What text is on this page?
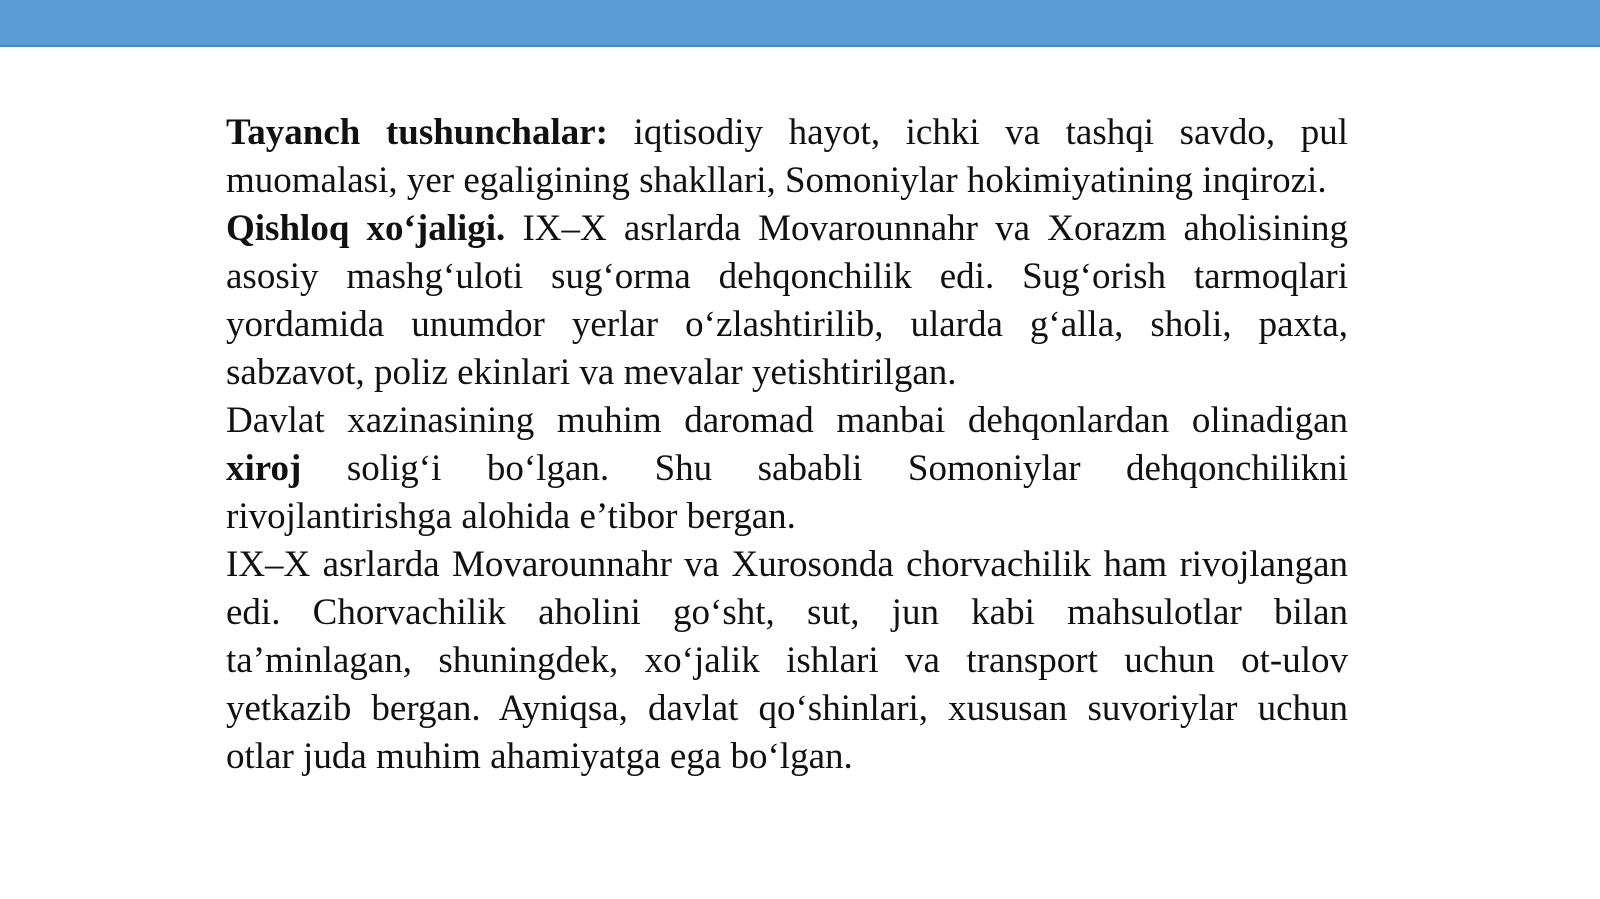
Tayanch tushunchalar: iqtisodiy hayot, ichki va tashqi savdo, pul muomalasi, yer egaligining shakllari, Somoniylar hokimiyatining inqirozi.

Qishloq xo‘jaligi. IX–X asrlarda Movarounnahr va Xorazm aholisining asosiy mashg‘uloti sug‘orma dehqonchilik edi. Sug‘orish tarmoqlari yordamida unumdor yerlar o‘zlashtirilib, ularda g‘alla, sholi, paxta, sabzavot, poliz ekinlari va mevalar yetishtirilgan.

Davlat xazinasining muhim daromad manbai dehqonlardan olinadigan xiroj solig‘i bo‘lgan. Shu sababli Somoniylar dehqonchilikni rivojlantirishga alohida e’tibor bergan.

IX–X asrlarda Movarounnahr va Xurosonda chorvachilik ham rivojlangan edi. Chorvachilik aholini go‘sht, sut, jun kabi mahsulotlar bilan ta’minlagan, shuningdek, xo‘jalik ishlari va transport uchun ot-ulov yetkazib bergan. Ayniqsa, davlat qo‘shinlari, xususan suvoriylar uchun otlar juda muhim ahamiyatga ega bo‘lgan.
